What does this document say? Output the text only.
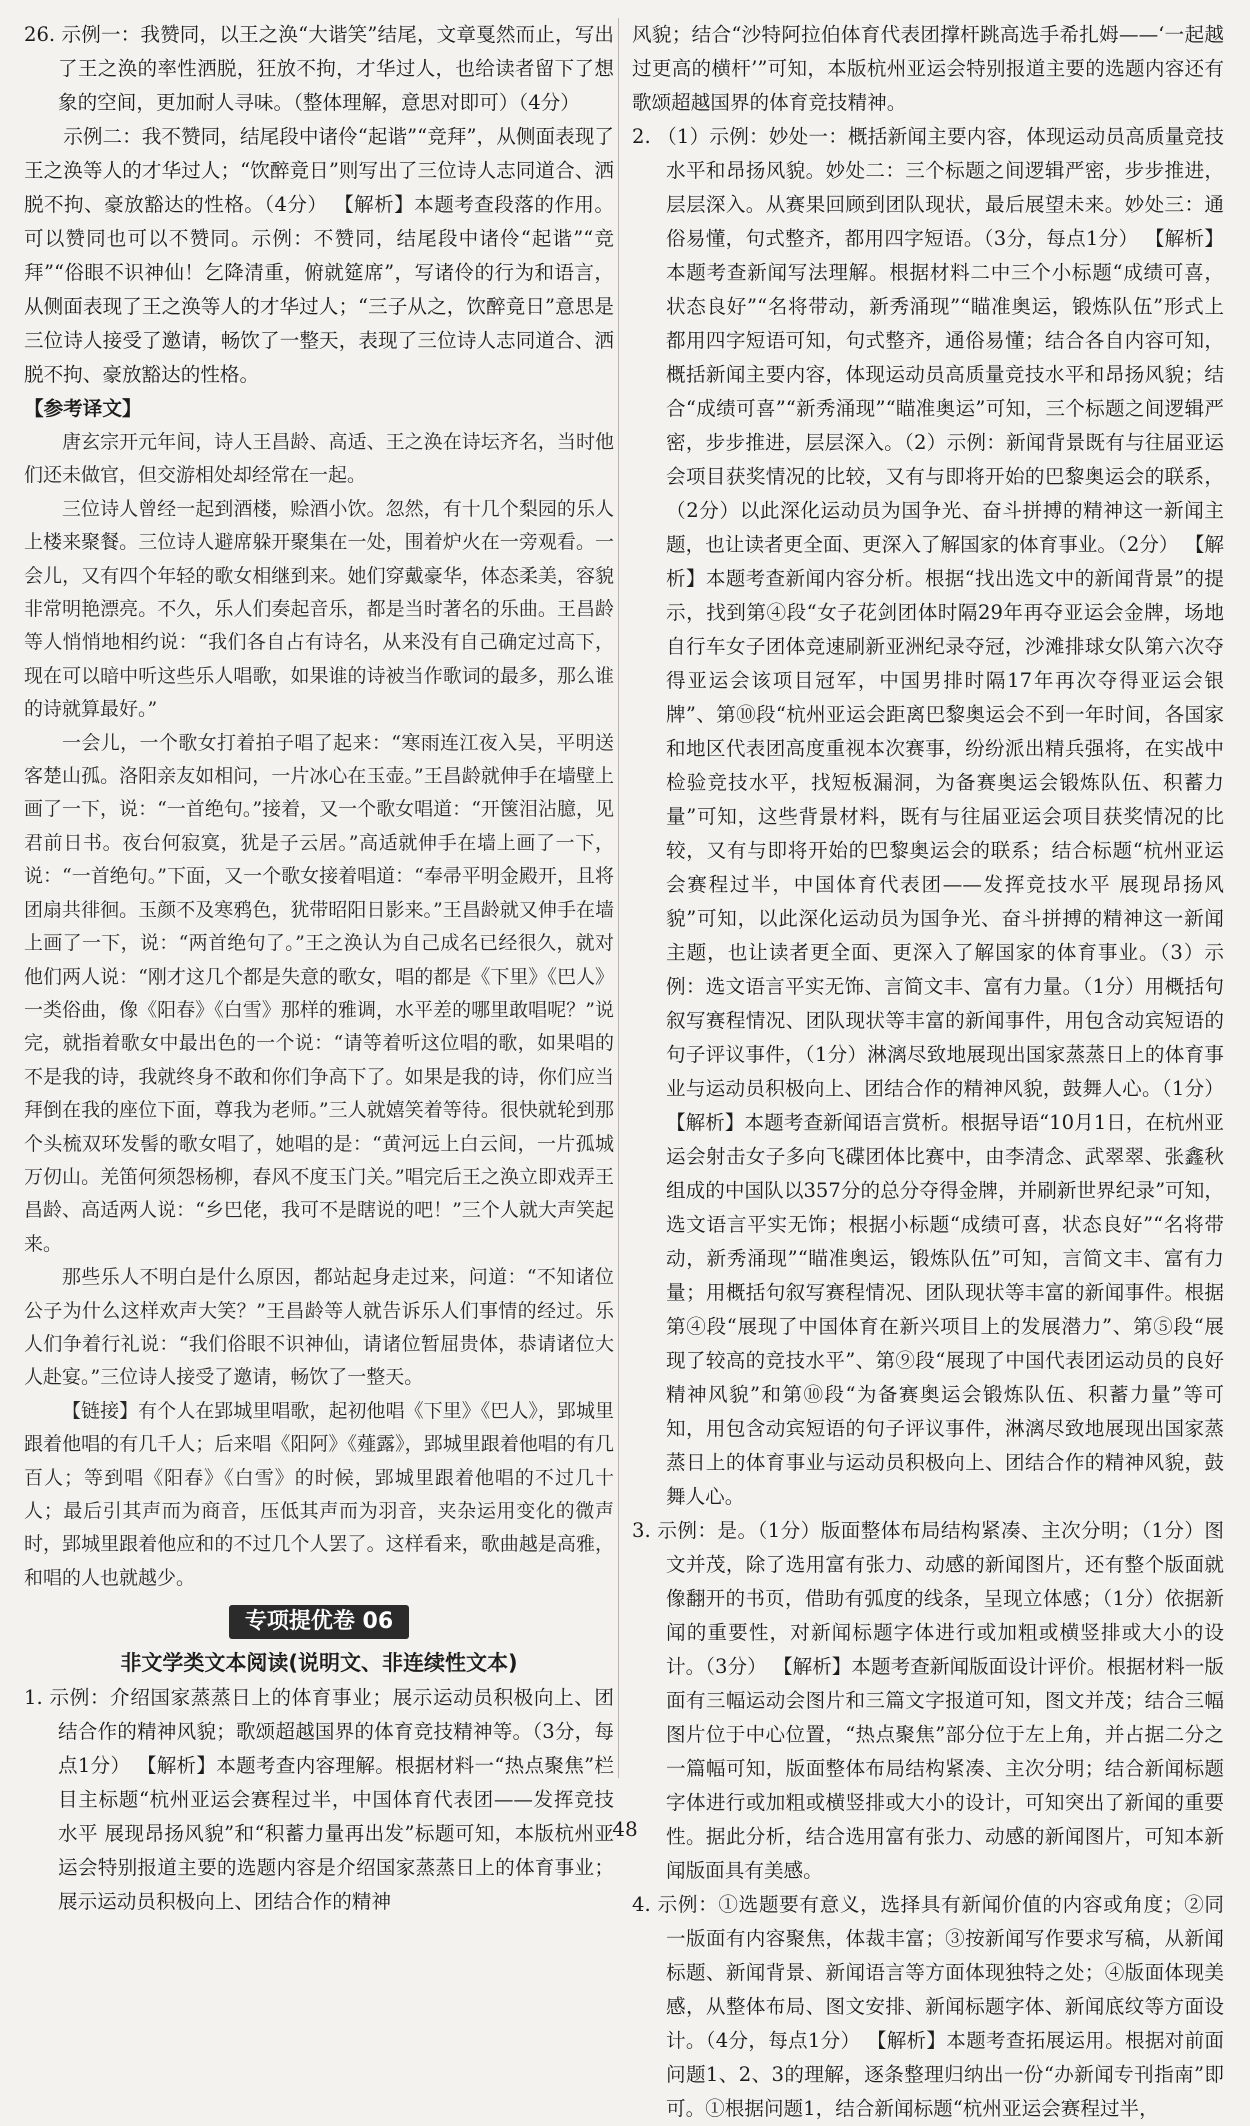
26. 示例一：我赞同，以王之涣“大谐笑”结尾，文章戛然而止，写出了王之涣的率性洒脱，狂放不拘，才华过人，也给读者留下了想象的空间，更加耐人寻味。（整体理解，意思对即可）（4分）

示例二：我不赞同，结尾段中诸伶“起谐”“竞拜”，从侧面表现了王之涣等人的才华过人；“饮醉竟日”则写出了三位诗人志同道合、洒脱不拘、豪放豁达的性格。（4分） 【解析】本题考查段落的作用。可以赞同也可以不赞同。示例：不赞同，结尾段中诸伶“起谐”“竞拜”“俗眼不识神仙！乞降清重，俯就筵席”，写诸伶的行为和语言，从侧面表现了王之涣等人的才华过人；“三子从之，饮醉竟日”意思是三位诗人接受了邀请，畅饮了一整天，表现了三位诗人志同道合、洒脱不拘、豪放豁达的性格。

【参考译文】

唐玄宗开元年间，诗人王昌龄、高适、王之涣在诗坛齐名，当时他们还未做官，但交游相处却经常在一起。

三位诗人曾经一起到酒楼，赊酒小饮。忽然，有十几个梨园的乐人上楼来聚餐。三位诗人避席躲开聚集在一处，围着炉火在一旁观看。一会儿，又有四个年轻的歌女相继到来。她们穿戴豪华，体态柔美，容貌非常明艳漂亮。不久，乐人们奏起音乐，都是当时著名的乐曲。王昌龄等人悄悄地相约说：“我们各自占有诗名，从来没有自己确定过高下，现在可以暗中听这些乐人唱歌，如果谁的诗被当作歌词的最多，那么谁的诗就算最好。”

一会儿，一个歌女打着拍子唱了起来：“寒雨连江夜入吴，平明送客楚山孤。洛阳亲友如相问，一片冰心在玉壶。”王昌龄就伸手在墙壁上画了一下，说：“一首绝句。”接着，又一个歌女唱道：“开箧泪沾臆，见君前日书。夜台何寂寞，犹是子云居。”高适就伸手在墙上画了一下，说：“一首绝句。”下面，又一个歌女接着唱道：“奉帚平明金殿开，且将团扇共徘徊。玉颜不及寒鸦色，犹带昭阳日影来。”王昌龄就又伸手在墙上画了一下，说：“两首绝句了。”王之涣认为自己成名已经很久，就对他们两人说：“刚才这几个都是失意的歌女，唱的都是《下里》《巴人》一类俗曲，像《阳春》《白雪》那样的雅调，水平差的哪里敢唱呢？”说完，就指着歌女中最出色的一个说：“请等着听这位唱的歌，如果唱的不是我的诗，我就终身不敢和你们争高下了。如果是我的诗，你们应当拜倒在我的座位下面，尊我为老师。”三人就嬉笑着等待。很快就轮到那个头梳双环发髻的歌女唱了，她唱的是：“黄河远上白云间，一片孤城万仞山。羌笛何须怨杨柳，春风不度玉门关。”唱完后王之涣立即戏弄王昌龄、高适两人说：“乡巴佬，我可不是瞎说的吧！”三个人就大声笑起来。

那些乐人不明白是什么原因，都站起身走过来，问道：“不知诸位公子为什么这样欢声大笑？”王昌龄等人就告诉乐人们事情的经过。乐人们争着行礼说：“我们俗眼不识神仙，请诸位暂屈贵体，恭请诸位大人赴宴。”三位诗人接受了邀请，畅饮了一整天。

【链接】有个人在郢城里唱歌，起初他唱《下里》《巴人》，郢城里跟着他唱的有几千人；后来唱《阳阿》《薤露》，郢城里跟着他唱的有几百人；等到唱《阳春》《白雪》的时候，郢城里跟着他唱的不过几十人；最后引其声而为商音，压低其声而为羽音，夹杂运用变化的微声时，郢城里跟着他应和的不过几个人罢了。这样看来，歌曲越是高雅，和唱的人也就越少。

专项提优卷 06

非文学类文本阅读(说明文、非连续性文本)

1. 示例：介绍国家蒸蒸日上的体育事业；展示运动员积极向上、团结合作的精神风貌；歌颂超越国界的体育竞技精神等。（3分，每点1分） 【解析】本题考查内容理解。根据材料一“热点聚焦”栏目主标题“杭州亚运会赛程过半，中国体育代表团——发挥竞技水平 展现昂扬风貌”和“积蓄力量再出发”标题可知，本版杭州亚运会特别报道主要的选题内容是介绍国家蒸蒸日上的体育事业；展示运动员积极向上、团结合作的精神

风貌；结合“沙特阿拉伯体育代表团撑杆跳高选手希扎姆——‘一起越过更高的横杆’”可知，本版杭州亚运会特别报道主要的选题内容还有歌颂超越国界的体育竞技精神。

2. （1）示例：妙处一：概括新闻主要内容，体现运动员高质量竞技水平和昂扬风貌。妙处二：三个标题之间逻辑严密，步步推进，层层深入。从赛果回顾到团队现状，最后展望未来。妙处三：通俗易懂，句式整齐，都用四字短语。（3分，每点1分） 【解析】本题考查新闻写法理解。根据材料二中三个小标题“成绩可喜，状态良好”“名将带动，新秀涌现”“瞄准奥运，锻炼队伍”形式上都用四字短语可知，句式整齐，通俗易懂；结合各自内容可知，概括新闻主要内容，体现运动员高质量竞技水平和昂扬风貌；结合“成绩可喜”“新秀涌现”“瞄准奥运”可知，三个标题之间逻辑严密，步步推进，层层深入。（2）示例：新闻背景既有与往届亚运会项目获奖情况的比较，又有与即将开始的巴黎奥运会的联系，（2分）以此深化运动员为国争光、奋斗拼搏的精神这一新闻主题，也让读者更全面、更深入了解国家的体育事业。（2分） 【解析】本题考查新闻内容分析。根据“找出选文中的新闻背景”的提示，找到第④段“女子花剑团体时隔29年再夺亚运会金牌，场地自行车女子团体竞速刷新亚洲纪录夺冠，沙滩排球女队第六次夺得亚运会该项目冠军，中国男排时隔17年再次夺得亚运会银牌”、第⑩段“杭州亚运会距离巴黎奥运会不到一年时间，各国家和地区代表团高度重视本次赛事，纷纷派出精兵强将，在实战中检验竞技水平，找短板漏洞，为备赛奥运会锻炼队伍、积蓄力量”可知，这些背景材料，既有与往届亚运会项目获奖情况的比较，又有与即将开始的巴黎奥运会的联系；结合标题“杭州亚运会赛程过半，中国体育代表团——发挥竞技水平 展现昂扬风貌”可知，以此深化运动员为国争光、奋斗拼搏的精神这一新闻主题，也让读者更全面、更深入了解国家的体育事业。（3）示例：选文语言平实无饰、言简文丰、富有力量。（1分）用概括句叙写赛程情况、团队现状等丰富的新闻事件，用包含动宾短语的句子评议事件，（1分）淋漓尽致地展现出国家蒸蒸日上的体育事业与运动员积极向上、团结合作的精神风貌，鼓舞人心。（1分） 【解析】本题考查新闻语言赏析。根据导语“10月1日，在杭州亚运会射击女子多向飞碟团体比赛中，由李清念、武翠翠、张鑫秋组成的中国队以357分的总分夺得金牌，并刷新世界纪录”可知，选文语言平实无饰；根据小标题“成绩可喜，状态良好”“名将带动，新秀涌现”“瞄准奥运，锻炼队伍”可知，言简文丰、富有力量；用概括句叙写赛程情况、团队现状等丰富的新闻事件。根据第④段“展现了中国体育在新兴项目上的发展潜力”、第⑤段“展现了较高的竞技水平”、第⑨段“展现了中国代表团运动员的良好精神风貌”和第⑩段“为备赛奥运会锻炼队伍、积蓄力量”等可知，用包含动宾短语的句子评议事件，淋漓尽致地展现出国家蒸蒸日上的体育事业与运动员积极向上、团结合作的精神风貌，鼓舞人心。

3. 示例：是。（1分）版面整体布局结构紧凑、主次分明；（1分）图文并茂，除了选用富有张力、动感的新闻图片，还有整个版面就像翻开的书页，借助有弧度的线条，呈现立体感；（1分）依据新闻的重要性，对新闻标题字体进行或加粗或横竖排或大小的设计。（3分） 【解析】本题考查新闻版面设计评价。根据材料一版面有三幅运动会图片和三篇文字报道可知，图文并茂；结合三幅图片位于中心位置，“热点聚焦”部分位于左上角，并占据二分之一篇幅可知，版面整体布局结构紧凑、主次分明；结合新闻标题字体进行或加粗或横竖排或大小的设计，可知突出了新闻的重要性。据此分析，结合选用富有张力、动感的新闻图片，可知本新闻版面具有美感。

4. 示例：①选题要有意义，选择具有新闻价值的内容或角度；②同一版面有内容聚焦，体裁丰富；③按新闻写作要求写稿，从新闻标题、新闻背景、新闻语言等方面体现独特之处；④版面体现美感，从整体布局、图文安排、新闻标题字体、新闻底纹等方面设计。（4分，每点1分） 【解析】本题考查拓展运用。根据对前面问题1、2、3的理解，逐条整理归纳出一份“办新闻专刊指南”即可。①根据问题1，结合新闻标题“杭州亚运会赛程过半，

48
